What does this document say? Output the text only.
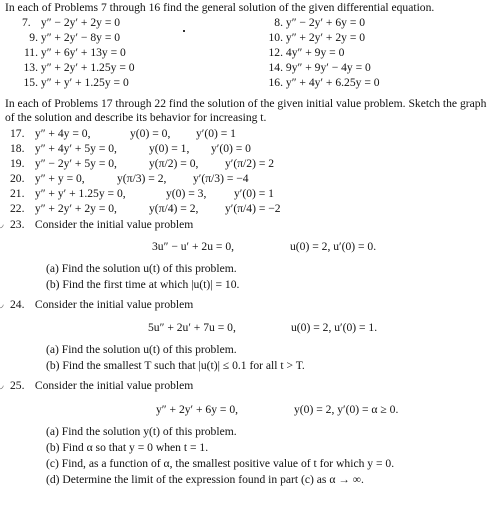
In each of Problems 7 through 16 find the general solution of the given differential equation.
7. y″ − 2y′ + 2y = 0
9. y″ + 2y′ − 8y = 0
11. y″ + 6y′ + 13y = 0
13. y″ + 2y′ + 1.25y = 0
15. y″ + y′ + 1.25y = 0
8. y″ − 2y′ + 6y = 0
10. y″ + 2y′ + 2y = 0
12. 4y″ + 9y = 0
14. 9y″ + 9y′ − 4y = 0
16. y″ + 4y′ + 6.25y = 0
In each of Problems 17 through 22 find the solution of the given initial value problem. Sketch the graph of the solution and describe its behavior for increasing t.
17. y″ + 4y = 0,	y(0) = 0, y′(0) = 1
18. y″ + 4y′ + 5y = 0,	y(0) = 1, y′(0) = 0
19. y″ − 2y′ + 5y = 0,	y(π/2) = 0, y′(π/2) = 2
20. y″ + y = 0,	y(π/3) = 2, y′(π/3) = −4
21. y″ + y′ + 1.25y = 0,	y(0) = 3, y′(0) = 1
22. y″ + 2y′ + 2y = 0,	y(π/4) = 2, y′(π/4) = −2
◞ 23. Consider the initial value problem
3u″ − u′ + 2u = 0,	u(0) = 2, u′(0) = 0.
(a) Find the solution u(t) of this problem.
(b) Find the first time at which |u(t)| = 10.
◞ 24. Consider the initial value problem
5u″ + 2u′ + 7u = 0,	u(0) = 2, u′(0) = 1.
(a) Find the solution u(t) of this problem.
(b) Find the smallest T such that |u(t)| ≤ 0.1 for all t > T.
◞ 25. Consider the initial value problem
y″ + 2y′ + 6y = 0,	y(0) = 2, y′(0) = α ≥ 0.
(a) Find the solution y(t) of this problem.
(b) Find α so that y = 0 when t = 1.
(c) Find, as a function of α, the smallest positive value of t for which y = 0.
(d) Determine the limit of the expression found in part (c) as α → ∞.
